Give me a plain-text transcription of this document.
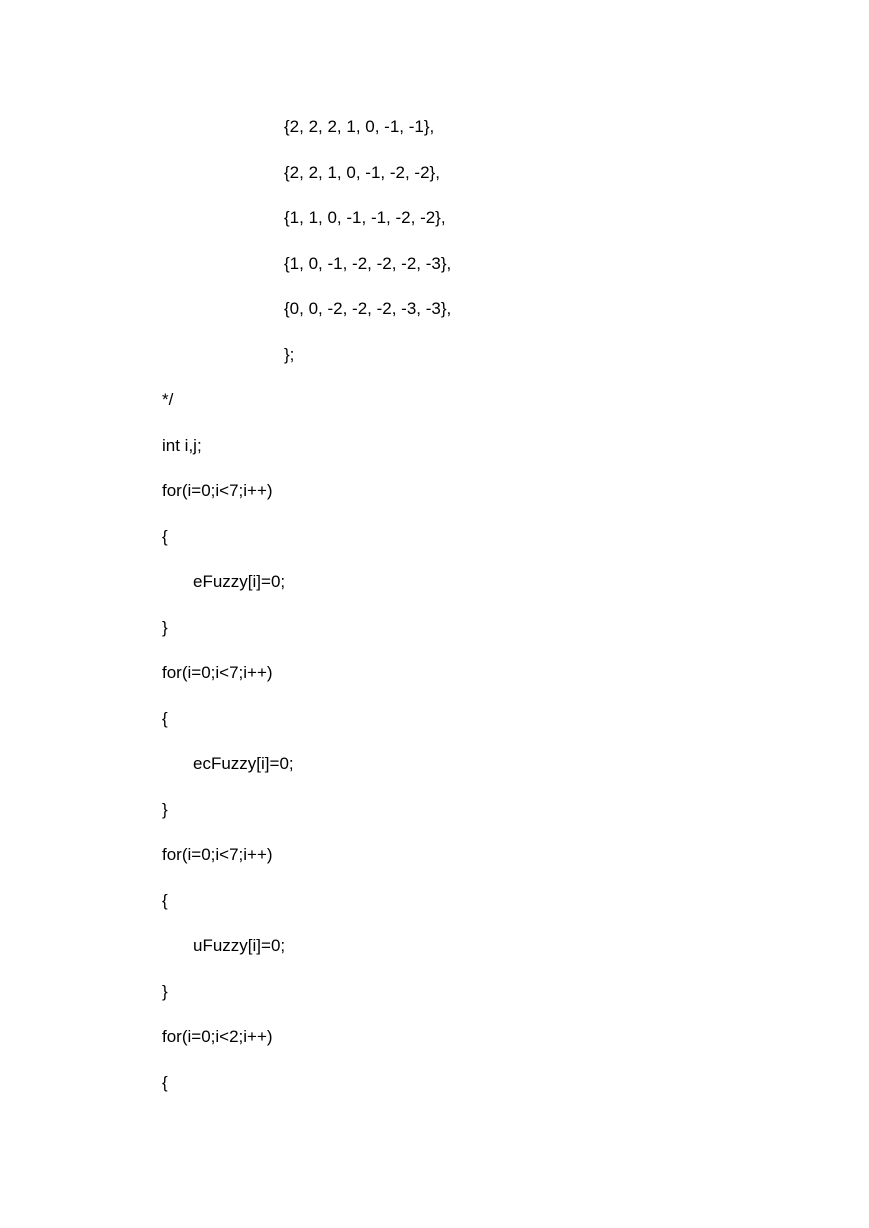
{2, 2, 2, 1, 0, -1, -1},
{2, 2, 1, 0, -1, -2, -2},
{1, 1, 0, -1, -1, -2, -2},
{1, 0, -1, -2, -2, -2, -3},
{0, 0, -2, -2, -2, -3, -3},
};
*/
int i,j;
for(i=0;i<7;i++)
{
eFuzzy[i]=0;
}
for(i=0;i<7;i++)
{
ecFuzzy[i]=0;
}
for(i=0;i<7;i++)
{
uFuzzy[i]=0;
}
for(i=0;i<2;i++)
{
